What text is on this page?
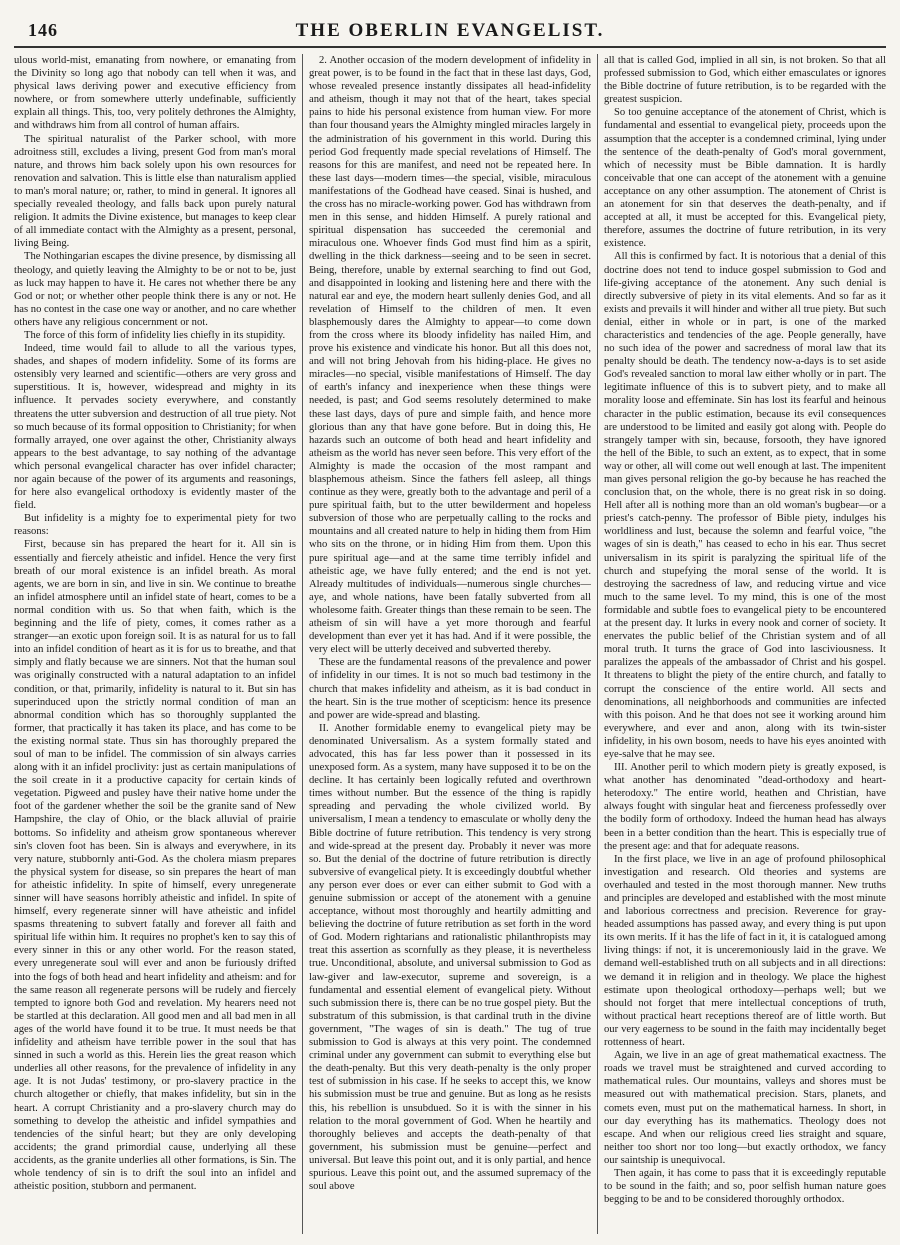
146	THE OBERLIN EVANGELIST.

ulous world-mist, emanating from nowhere, or emanating from the Divinity so long ago that nobody can tell when it was, and physical laws deriving power and executive efficiency from nowhere, or from somewhere utterly undefinable, sufficiently explain all things. This, too, very politely dethrones the Almighty, and withdraws him from all control of human affairs.

The spiritual naturalist of the Parker school, with more adroitness still, excludes a living, present God from man's moral nature, and throws him back solely upon his own resources for renovation and salvation. This is little else than naturalism applied to man's moral nature; or, rather, to mind in general. It ignores all specially revealed theology, and falls back upon purely natural religion. It admits the Divine existence, but manages to keep clear of all immediate contact with the Almighty as a present, personal, living Being.

The Nothingarian escapes the divine presence, by dismissing all theology, and quietly leaving the Almighty to be or not to be, just as luck may happen to have it. He cares not whether there be any God or not; or whether other people think there is any or not. He has no contest in the case one way or another, and no care whether others have any religious concernment or not.

The force of this form of infidelity lies chiefly in its stupidity.

Indeed, time would fail to allude to all the various types, shades, and shapes of modern infidelity. Some of its forms are ostensibly very learned and scientific—others are very gross and superstitious. It is, however, widespread and mighty in its influence. It pervades society everywhere, and constantly threatens the utter subversion and destruction of all true piety. Not so much because of its formal opposition to Christianity; for when formally arrayed, one over against the other, Christianity always appears to the best advantage, to say nothing of the advantage which personal evangelical character has over infidel character; nor again because of the power of its arguments and reasonings, for here also evangelical orthodoxy is evidently master of the field.

But infidelity is a mighty foe to experimental piety for two reasons:

First, because sin has prepared the heart for it. All sin is essentially and fiercely atheistic and infidel. Hence the very first breath of our moral existence is an infidel breath. As moral agents, we are born in sin, and live in sin. We continue to breathe an infidel atmosphere until an infidel state of heart, comes to be a normal condition with us. So that when faith, which is the beginning and the life of piety, comes, it comes rather as a stranger—an exotic upon foreign soil. It is as natural for us to fall into an infidel condition of heart as it is for us to breathe, and that simply and flatly because we are sinners. Not that the human soul was originally constructed with a natural adaptation to an infidel condition, or that, primarily, infidelity is natural to it. But sin has superinduced upon the strictly normal condition of man an abnormal condition which has so thoroughly supplanted the former, that practically it has taken its place, and has come to be the existing normal state. Thus sin has thoroughly prepared the soul of man to be infidel. The commission of sin always carries along with it an infidel proclivity: just as certain manipulations of the soil create in it a productive capacity for certain kinds of vegetation. Pigweed and pusley have their native home under the foot of the gardener whether the soil be the granite sand of New Hampshire, the clay of Ohio, or the black alluvial of prairie bottoms. So infidelity and atheism grow spontaneous wherever sin's cloven foot has been. Sin is always and everywhere, in its very nature, stubbornly anti-God. As the cholera miasm prepares the physical system for disease, so sin prepares the heart of man for atheistic infidelity. In spite of himself, every unregenerate sinner will have seasons horribly atheistic and infidel. In spite of himself, every regenerate sinner will have atheistic and infidel spasms threatening to subvert fatally and forever all faith and spiritual life within him. It requires no prophet's ken to say this of every sinner in this or any other world. For the reason stated, every unregenerate soul will ever and anon be furiously drifted into the fogs of both head and heart infidelity and atheism: and for the same reason all regenerate persons will be rudely and fiercely tempted to ignore both God and revelation. My hearers need not be startled at this declaration. All good men and all bad men in all ages of the world have found it to be true. It must needs be that infidelity and atheism have terrible power in the soul that has sinned in such a world as this. Herein lies the great reason which underlies all other reasons, for the prevalence of infidelity in any age. It is not Judas' testimony, or pro-slavery practice in the church altogether or chiefly, that makes infidelity, but sin in the heart. A corrupt Christianity and a pro-slavery church may do something to develop the atheistic and infidel sympathies and tendencies of the sinful heart; but they are only developing accidents; the grand primordial cause, underlying all these accidents, as the granite underlies all other formations, is Sin. The whole tendency of sin is to drift the soul into an infidel and atheistic position, stubborn and permanent.

2. Another occasion of the modern development of infidelity in great power, is to be found in the fact that in these last days, God, whose revealed presence instantly dissipates all head-infidelity and atheism, though it may not that of the heart, takes special pains to hide his personal existence from human view. For more than four thousand years the Almighty mingled miracles largely in the administration of his government in this world. During this period God frequently made special revelations of Himself. The reasons for this are manifest, and need not be repeated here. In these last days—modern times—the special, visible, miraculous manifestations of the Godhead have ceased. Sinai is hushed, and the cross has no miracle-working power. God has withdrawn from men in this sense, and hidden Himself. A purely rational and spiritual dispensation has succeeded the ceremonial and miraculous one. Whoever finds God must find him as a spirit, dwelling in the thick darkness—seeing and to be seen in secret. Being, therefore, unable by external searching to find out God, and disappointed in looking and listening here and there with the natural ear and eye, the modern heart sullenly denies God, and all revelation of Himself to the children of men. It even blasphemously dares the Almighty to appear—to come down from the cross where its bloody infidelity has nailed Him, and prove his existence and vindicate his honor. But all this does not, and will not bring Jehovah from his hiding-place. He gives no miracles—no special, visible manifestations of Himself. The day of earth's infancy and inexperience when these things were needed, is past; and God seems resolutely determined to make these last days, days of pure and simple faith, and hence more glorious than any that have gone before. But in doing this, He hazards such an outcome of both head and heart infidelity and atheism as the world has never seen before. This very effort of the Almighty is made the occasion of the most rampant and blasphemous atheism. Since the fathers fell asleep, all things continue as they were, greatly both to the advantage and peril of a pure spiritual faith, but to the utter bewilderment and hopeless subversion of those who are perpetually calling to the rocks and mountains and all created nature to help in hiding them from Him who sits on the throne, or in hiding Him from them. Upon this pure spiritual age—and at the same time terribly infidel and atheistic age, we have fully entered; and the end is not yet. Already multitudes of individuals—numerous single churches—aye, and whole nations, have been fatally subverted from all wholesome faith. Greater things than these remain to be seen. The atheism of sin will have a yet more thorough and fearful development than ever yet it has had. And if it were possible, the very elect will be utterly deceived and subverted thereby.

These are the fundamental reasons of the prevalence and power of infidelity in our times. It is not so much bad testimony in the church that makes infidelity and atheism, as it is bad conduct in the heart. Sin is the true mother of scepticism: hence its presence and power are wide-spread and blasting.

II. Another formidable enemy to evangelical piety may be denominated Universalism. As a system formally stated and advocated, this has far less power than it possessed in its unexposed form. As a system, many have supposed it to be on the decline. It has certainly been logically refuted and overthrown times without number. But the essence of the thing is rapidly spreading and pervading the whole civilized world. By universalism, I mean a tendency to emasculate or wholly deny the Bible doctrine of future retribution. This tendency is very strong and wide-spread at the present day. Probably it never was more so. But the denial of the doctrine of future retribution is directly subversive of evangelical piety. It is exceedingly doubtful whether any person ever does or ever can either submit to God with a genuine submission or accept of the atonement with a genuine acceptance, without most thoroughly and heartily admitting and believing the doctrine of future retribution as set forth in the word of God. Modern rightarians and rationalistic philanthropists may treat this assertion as scornfully as they please, it is nevertheless true. Unconditional, absolute, and universal submission to God as law-giver and law-executor, supreme and sovereign, is a fundamental and essential element of evangelical piety. Without such submission there is, there can be no true gospel piety. But the substratum of this submission, is that cardinal truth in the divine government, "The wages of sin is death." The tug of true submission to God is always at this very point. The condemned criminal under any government can submit to everything else but the death-penalty. But this very death-penalty is the only proper test of submission in his case. If he seeks to accept this, we know his submission must be true and genuine. But as long as he resists this, his rebellion is unsubdued. So it is with the sinner in his relation to the moral government of God. When he heartily and thoroughly believes and accepts the death-penalty of that government, his submission must be genuine—perfect and universal. But leave this point out, and it is only partial, and hence spurious. Leave this point out, and the assumed supremacy of the soul above

all that is called God, implied in all sin, is not broken. So that all professed submission to God, which either emasculates or ignores the Bible doctrine of future retribution, is to be regarded with the greatest suspicion.

So too genuine acceptance of the atonement of Christ, which is fundamental and essential to evangelical piety, proceeds upon the assumption that the accepter is a condemned criminal, lying under the sentence of the death-penalty of God's moral government, which of necessity must be Bible damnation. It is hardly conceivable that one can accept of the atonement with a genuine acceptance on any other assumption. The atonement of Christ is an atonement for sin that deserves the death-penalty, and if accepted at all, it must be accepted for this. Evangelical piety, therefore, assumes the doctrine of future retribution, in its very existence.

All this is confirmed by fact. It is notorious that a denial of this doctrine does not tend to induce gospel submission to God and life-giving acceptance of the atonement. Any such denial is directly subversive of piety in its vital elements. And so far as it exists and prevails it will hinder and wither all true piety. But such denial, either in whole or in part, is one of the marked characteristics and tendencies of the age. People generally, have no such idea of the power and sacredness of moral law that its penalty should be death. The tendency now-a-days is to set aside God's revealed sanction to moral law either wholly or in part. The legitimate influence of this is to subvert piety, and to make all morality loose and effeminate. Sin has lost its fearful and heinous character in the public estimation, because its evil consequences are understood to be limited and easily got along with. People do strangely tamper with sin, because, forsooth, they have ignored the hell of the Bible, to such an extent, as to expect, that in some way or other, all will come out well enough at last. The impenitent man gives personal religion the go-by because he has reached the conclusion that, on the whole, there is no great risk in so doing. Hell after all is nothing more than an old woman's bugbear—or a priest's catch-penny. The professor of Bible piety, indulges his worldliness and lust, because the solemn and fearful voice, "the wages of sin is death," has ceased to echo in his ear. Thus secret universalism in its spirit is paralyzing the spiritual life of the church and stupefying the moral sense of the world. It is destroying the sacredness of law, and reducing virtue and vice much to the same level. To my mind, this is one of the most formidable and subtle foes to evangelical piety to be encountered at the present day. It lurks in every nook and corner of society. It enervates the public belief of the Christian system and of all moral truth. It turns the grace of God into lasciviousness. It paralizes the appeals of the ambassador of Christ and his gospel. It threatens to blight the piety of the entire church, and fatally to corrupt the conscience of the entire world. All sects and denominations, all neighborhoods and communities are infected with this poison. And he that does not see it working around him everywhere, and ever and anon, along with its twin-sister infidelity, in his own bosom, needs to have his eyes anointed with eye-salve that he may see.

III. Another peril to which modern piety is greatly exposed, is what another has denominated "dead-orthodoxy and heart-heterodoxy." The entire world, heathen and Christian, have always fought with singular heat and fierceness professedly over the bodily form of orthodoxy. Indeed the human head has always been in a better condition than the heart. This is especially true of the present age: and that for adequate reasons.

In the first place, we live in an age of profound philosophical investigation and research. Old theories and systems are overhauled and tested in the most thorough manner. New truths and principles are developed and established with the most minute and laborious correctness and precision. Reverence for gray-headed assumptions has passed away, and every thing is put upon its own merits. If it has the life of fact in it, it is catalogued among living things: if not, it is unceremoniously laid in the grave. We demand well-established truth on all subjects and in all directions: we demand it in religion and in theology. We place the highest estimate upon theological orthodoxy—perhaps well; but we should not forget that mere intellectual conceptions of truth, without practical heart receptions thereof are of little worth. But our very eagerness to be sound in the faith may incidentally beget rottenness of heart.

Again, we live in an age of great mathematical exactness. The roads we travel must be straightened and curved according to mathematical rules. Our mountains, valleys and shores must be measured out with mathematical precision. Stars, planets, and comets even, must put on the mathematical harness. In short, in our day everything has its mathematics. Theology does not escape. And when our religious creed lies straight and square, neither too short nor too long—but exactly orthodox, we fancy our saintship is unequivocal.

Then again, it has come to pass that it is exceedingly reputable to be sound in the faith; and so, poor selfish human nature goes begging to be and to be considered thoroughly orthodox.
